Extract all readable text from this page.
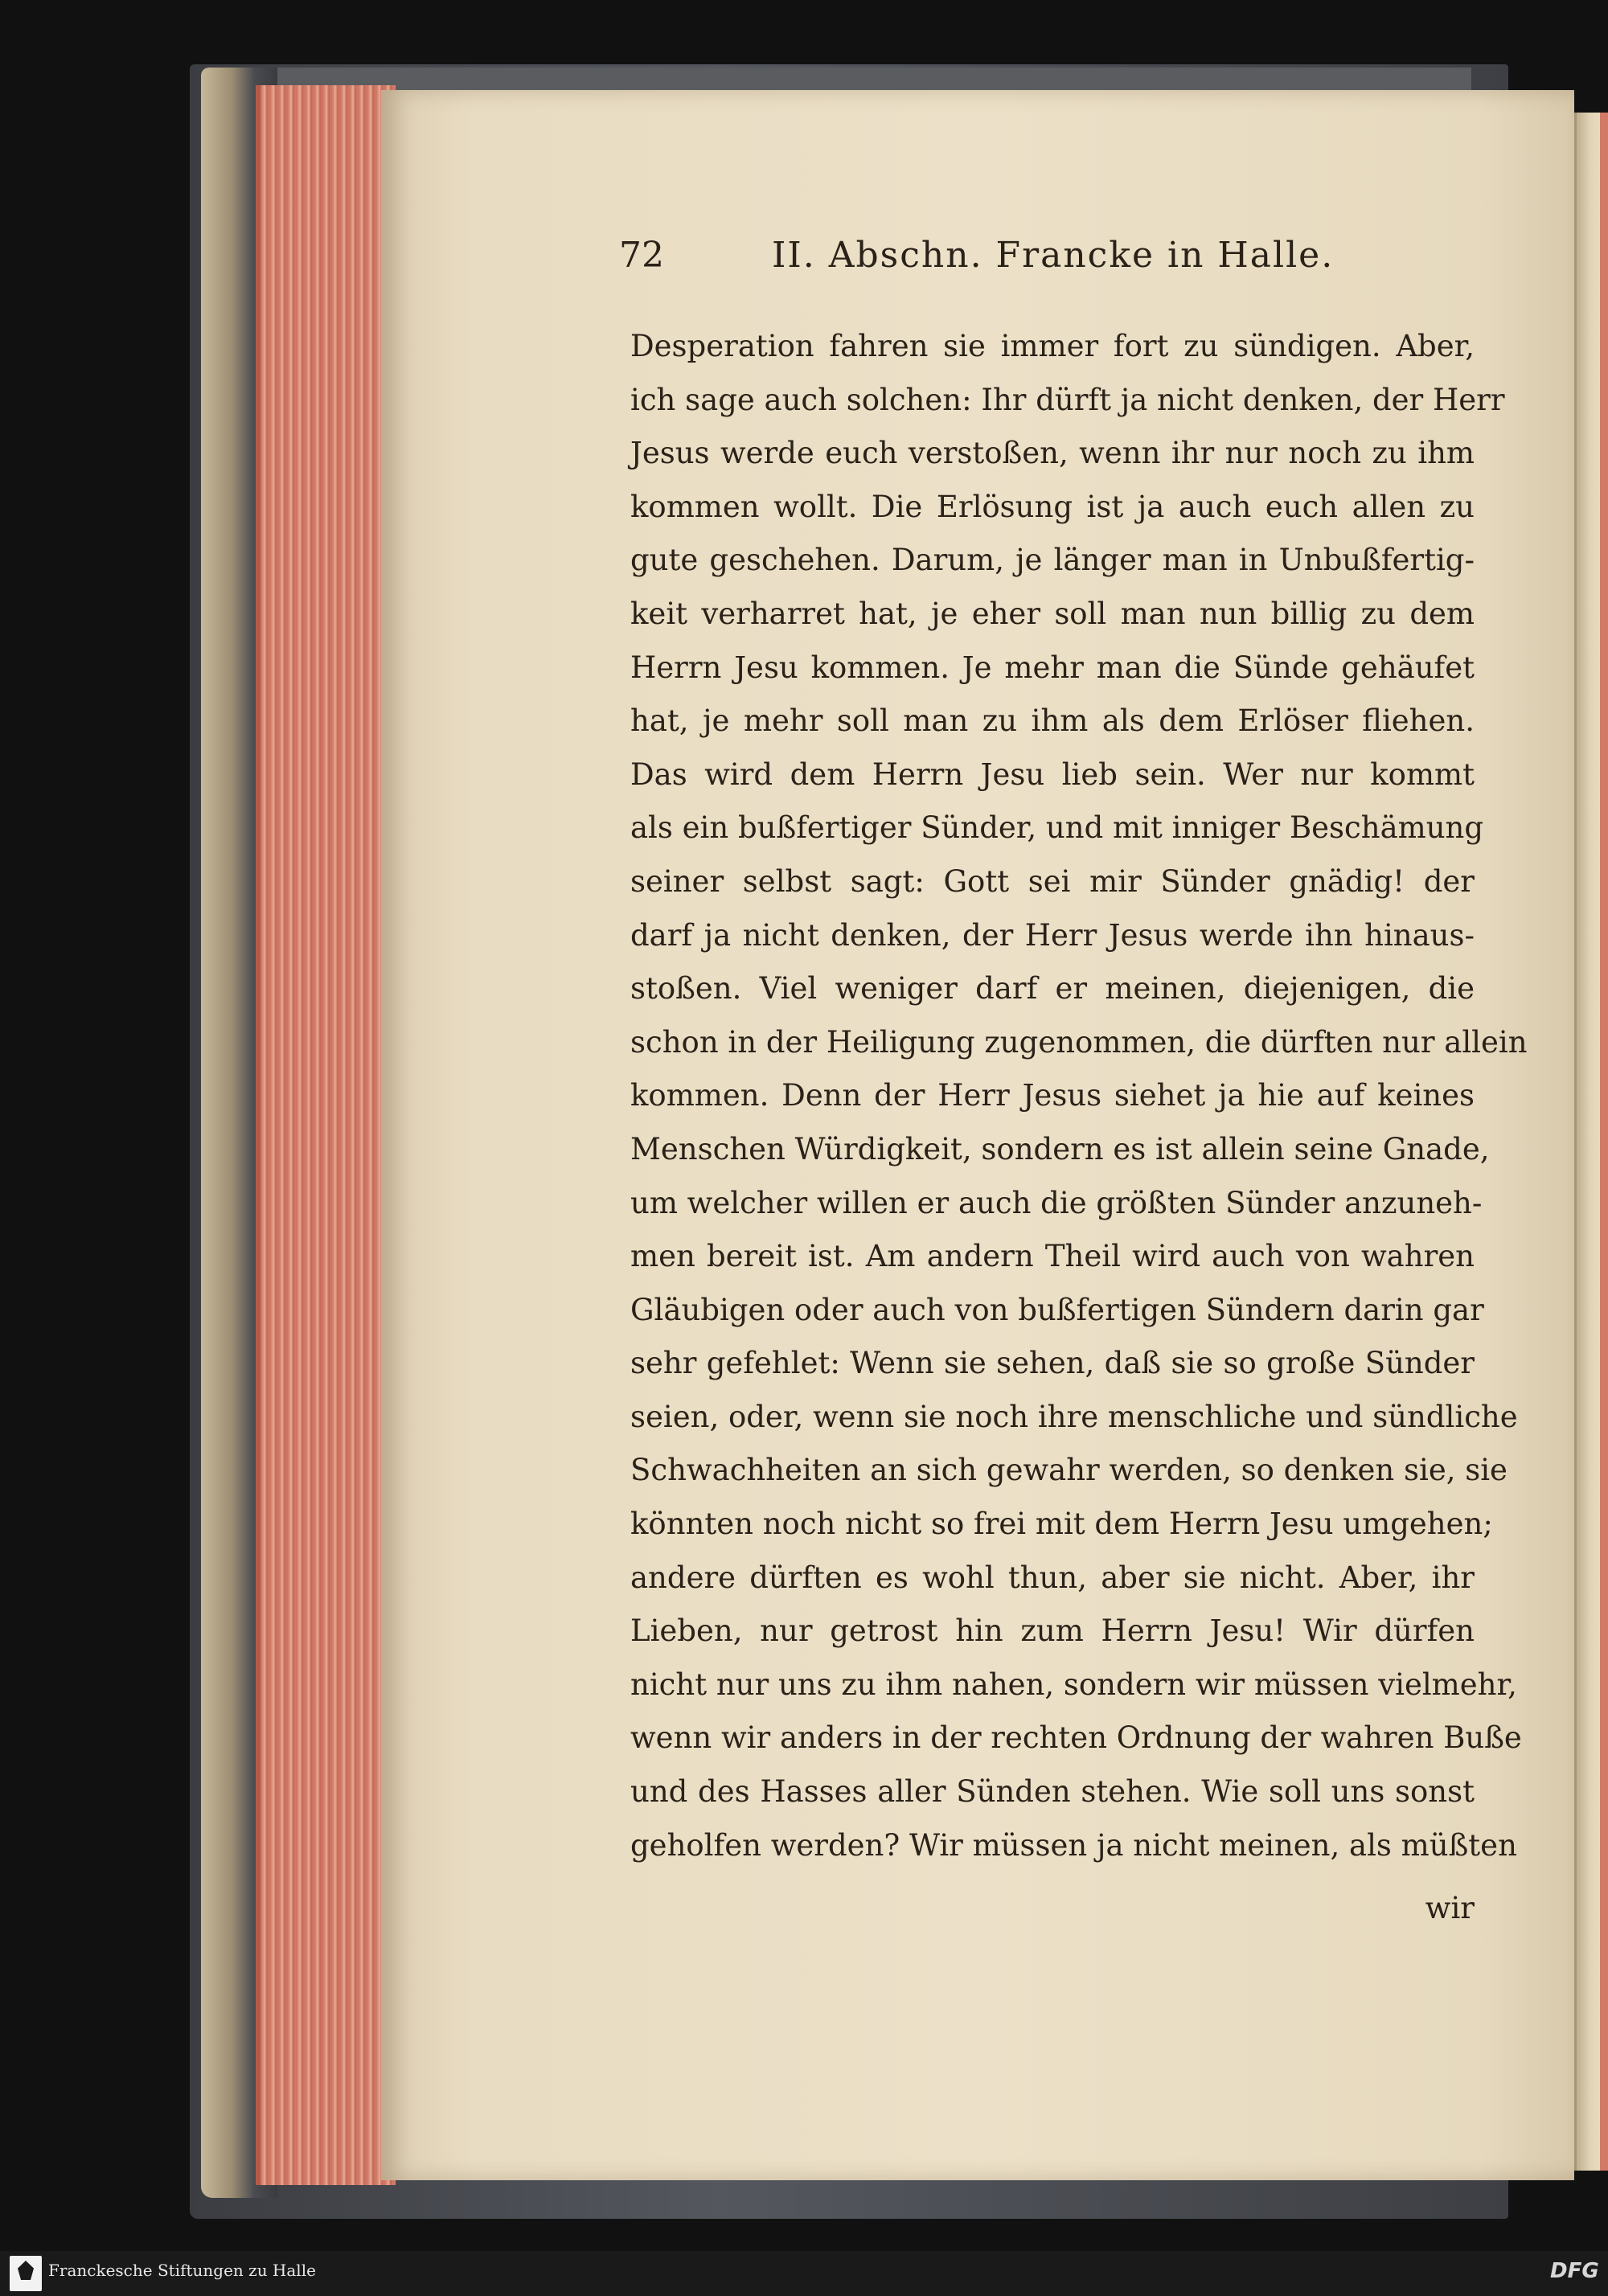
72	II. Abschn. Francke in Halle.
Desperation fahren sie immer fort zu sündigen. Aber,
ich sage auch solchen: Ihr dürft ja nicht denken, der Herr
Jesus werde euch verstoßen, wenn ihr nur noch zu ihm
kommen wollt. Die Erlösung ist ja auch euch allen zu
gute geschehen. Darum, je länger man in Unbußfertig-
keit verharret hat, je eher soll man nun billig zu dem
Herrn Jesu kommen. Je mehr man die Sünde gehäufet
hat, je mehr soll man zu ihm als dem Erlöser fliehen.
Das wird dem Herrn Jesu lieb sein. Wer nur kommt
als ein bußfertiger Sünder, und mit inniger Beschämung
seiner selbst sagt: Gott sei mir Sünder gnädig! der
darf ja nicht denken, der Herr Jesus werde ihn hinaus-
stoßen. Viel weniger darf er meinen, diejenigen, die
schon in der Heiligung zugenommen, die dürften nur allein
kommen. Denn der Herr Jesus siehet ja hie auf keines
Menschen Würdigkeit, sondern es ist allein seine Gnade,
um welcher willen er auch die größten Sünder anzuneh-
men bereit ist. Am andern Theil wird auch von wahren
Gläubigen oder auch von bußfertigen Sündern darin gar
sehr gefehlet: Wenn sie sehen, daß sie so große Sünder
seien, oder, wenn sie noch ihre menschliche und sündliche
Schwachheiten an sich gewahr werden, so denken sie, sie
könnten noch nicht so frei mit dem Herrn Jesu umgehen;
andere dürften es wohl thun, aber sie nicht. Aber, ihr
Lieben, nur getrost hin zum Herrn Jesu! Wir dürfen
nicht nur uns zu ihm nahen, sondern wir müssen vielmehr,
wenn wir anders in der rechten Ordnung der wahren Buße
und des Hasses aller Sünden stehen. Wie soll uns sonst
geholfen werden? Wir müssen ja nicht meinen, als müßten
wir
Franckesche Stiftungen zu Halle	DFG
